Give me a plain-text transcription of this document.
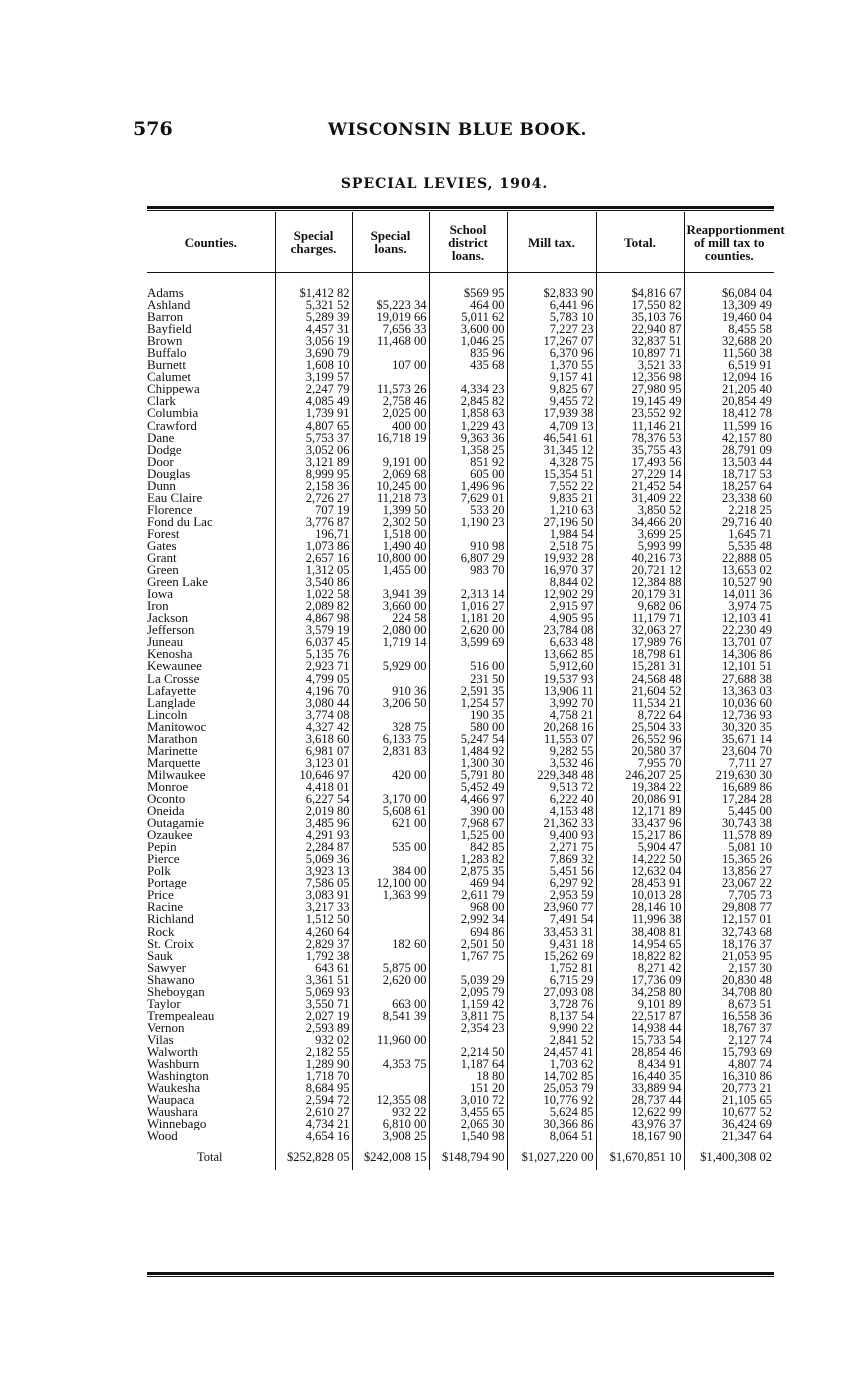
576	WISCONSIN BLUE BOOK.
SPECIAL LEVIES, 1904.
Counties.	Special charges.	Special loans.	School district loans.	Mill tax.	Total.	Reapportionment of mill tax to counties.
Adams	$1,412 82		$569 95	$2,833 90	$4,816 67	$6,084 04
Ashland	5,321 52	$5,223 34	464 00	6,441 96	17,550 82	13,309 49
Barron	5,289 39	19,019 66	5,011 62	5,783 10	35,103 76	19,460 04
Bayfield	4,457 31	7,656 33	3,600 00	7,227 23	22,940 87	8,455 58
Brown	3,056 19	11,468 00	1,046 25	17,267 07	32,837 51	32,688 20
Buffalo	3,690 79		835 96	6,370 96	10,897 71	11,560 38
Burnett	1,608 10	107 00	435 68	1,370 55	3,521 33	6,519 91
Calumet	3,199 57			9,157 41	12,356 98	12,094 16
Chippewa	2,247 79	11,573 26	4,334 23	9,825 67	27,980 95	21,205 40
Clark	4,085 49	2,758 46	2,845 82	9,455 72	19,145 49	20,854 49
Columbia	1,739 91	2,025 00	1,858 63	17,939 38	23,552 92	18,412 78
Crawford	4,807 65	400 00	1,229 43	4,709 13	11,146 21	11,599 16
Dane	5,753 37	16,718 19	9,363 36	46,541 61	78,376 53	42,157 80
Dodge	3,052 06		1,358 25	31,345 12	35,755 43	28,791 09
Door	3,121 89	9,191 00	851 92	4,328 75	17,493 56	13,503 44
Douglas	8,999 95	2,069 68	605 00	15,354 51	27,229 14	18,717 53
Dunn	2,158 36	10,245 00	1,496 96	7,552 22	21,452 54	18,257 64
Eau Claire	2,726 27	11,218 73	7,629 01	9,835 21	31,409 22	23,338 60
Florence	707 19	1,399 50	533 20	1,210 63	3,850 52	2,218 25
Fond du Lac	3,776 87	2,302 50	1,190 23	27,196 50	34,466 20	29,716 40
Forest	196,71	1,518 00		1,984 54	3,699 25	1,645 71
Gates	1,073 86	1,490 40	910 98	2,518 75	5,993 99	5,535 48
Grant	2,657 16	10,800 00	6,807 29	19,932 28	40,216 73	22,888 05
Green	1,312 05	1,455 00	983 70	16,970 37	20,721 12	13,653 02
Green Lake	3,540 86			8,844 02	12,384 88	10,527 90
Iowa	1,022 58	3,941 39	2,313 14	12,902 29	20,179 31	14,011 36
Iron	2,089 82	3,660 00	1,016 27	2,915 97	9,682 06	3,974 75
Jackson	4,867 98	224 58	1,181 20	4,905 95	11,179 71	12,103 41
Jefferson	3,579 19	2,080 00	2,620 00	23,784 08	32,063 27	22,230 49
Juneau	6,037 45	1,719 14	3,599 69	6,633 48	17,989 76	13,701 07
Kenosha	5,135 76			13,662 85	18,798 61	14,306 86
Kewaunee	2,923 71	5,929 00	516 00	5,912,60	15,281 31	12,101 51
La Crosse	4,799 05		231 50	19,537 93	24,568 48	27,688 38
Lafayette	4,196 70	910 36	2,591 35	13,906 11	21,604 52	13,363 03
Langlade	3,080 44	3,206 50	1,254 57	3,992 70	11,534 21	10,036 60
Lincoln	3,774 08		190 35	4,758 21	8,722 64	12,736 93
Manitowoc	4,327 42	328 75	580 00	20,268 16	25,504 33	30,320 35
Marathon	3,618 60	6,133 75	5,247 54	11,553 07	26,552 96	35,671 14
Marinette	6,981 07	2,831 83	1,484 92	9,282 55	20,580 37	23,604 70
Marquette	3,123 01		1,300 30	3,532 46	7,955 70	7,711 27
Milwaukee	10,646 97	420 00	5,791 80	229,348 48	246,207 25	219,630 30
Monroe	4,418 01		5,452 49	9,513 72	19,384 22	16,689 86
Oconto	6,227 54	3,170 00	4,466 97	6,222 40	20,086 91	17,284 28
Oneida	2,019 80	5,608 61	390 00	4,153 48	12,171 89	5,445 00
Outagamie	3,485 96	621 00	7,968 67	21,362 33	33,437 96	30,743 38
Ozaukee	4,291 93		1,525 00	9,400 93	15,217 86	11,578 89
Pepin	2,284 87	535 00	842 85	2,271 75	5,904 47	5,081 10
Pierce	5,069 36		1,283 82	7,869 32	14,222 50	15,365 26
Polk	3,923 13	384 00	2,875 35	5,451 56	12,632 04	13,856 27
Portage	7,586 05	12,100 00	469 94	6,297 92	28,453 91	23,067 22
Price	3,083 91	1,363 99	2,611 79	2,953 59	10,013 28	7,705 73
Racine	3,217 33		968 00	23,960 77	28,146 10	29,808 77
Richland	1,512 50		2,992 34	7,491 54	11,996 38	12,157 01
Rock	4,260 64		694 86	33,453 31	38,408 81	32,743 68
St. Croix	2,829 37	182 60	2,501 50	9,431 18	14,954 65	18,176 37
Sauk	1,792 38		1,767 75	15,262 69	18,822 82	21,053 95
Sawyer	643 61	5,875 00		1,752 81	8,271 42	2,157 30
Shawano	3,361 51	2,620 00	5,039 29	6,715 29	17,736 09	20,830 48
Sheboygan	5,069 93		2,095 79	27,093 08	34,258 80	34,708 80
Taylor	3,550 71	663 00	1,159 42	3,728 76	9,101 89	8,673 51
Trempealeau	2,027 19	8,541 39	3,811 75	8,137 54	22,517 87	16,558 36
Vernon	2,593 89		2,354 23	9,990 22	14,938 44	18,767 37
Vilas	932 02	11,960 00		2,841 52	15,733 54	2,127 74
Walworth	2,182 55		2,214 50	24,457 41	28,854 46	15,793 69
Washburn	1,289 90	4,353 75	1,187 64	1,703 62	8,434 91	4,807 74
Washington	1,718 70		18 80	14,702 85	16,440 35	16,310 86
Waukesha	8,684 95		151 20	25,053 79	33,889 94	20,773 21
Waupaca	2,594 72	12,355 08	3,010 72	10,776 92	28,737 44	21,105 65
Waushara	2,610 27	932 22	3,455 65	5,624 85	12,622 99	10,677 52
Winnebago	4,734 21	6,810 00	2,065 30	30,366 86	43,976 37	36,424 69
Wood	4,654 16	3,908 25	1,540 98	8,064 51	18,167 90	21,347 64
Total	$252,828 05	$242,008 15	$148,794 90	$1,027,220 00	$1,670,851 10	$1,400,308 02
